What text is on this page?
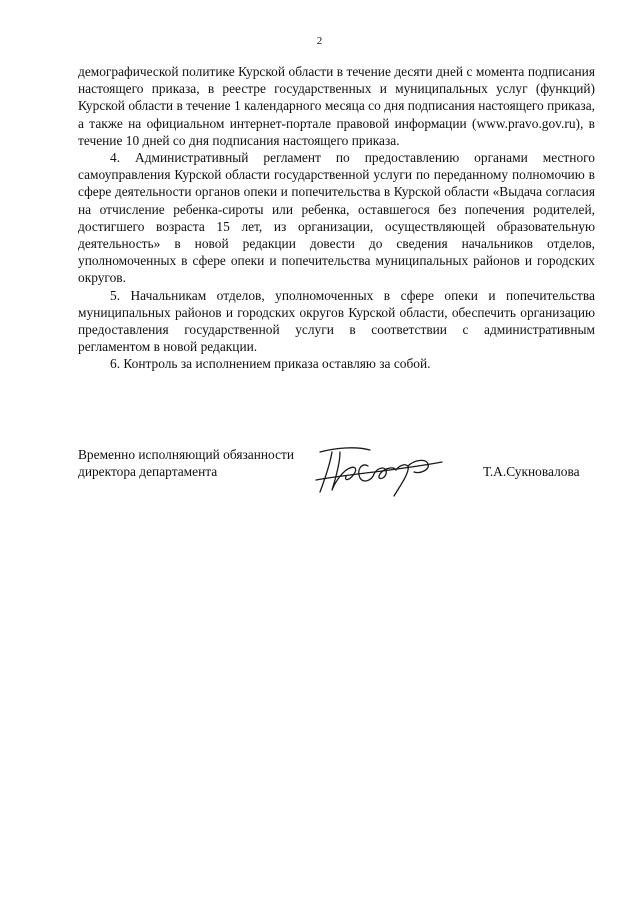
2

демографической политике Курской области в течение десяти дней с момента подписания настоящего приказа, в реестре государственных и муниципальных услуг (функций) Курской области в течение 1 календарного месяца со дня подписания настоящего приказа, а также на официальном интернет-портале правовой информации (www.pravo.gov.ru), в течение 10 дней со дня подписания настоящего приказа.

4. Административный регламент по предоставлению органами местного самоуправления Курской области государственной услуги по переданному полномочию в сфере деятельности органов опеки и попечительства в Курской области «Выдача согласия на отчисление ребенка-сироты или ребенка, оставшегося без попечения родителей, достигшего возраста 15 лет, из организации, осуществляющей образовательную деятельность» в новой редакции довести до сведения начальников отделов, уполномоченных в сфере опеки и попечительства муниципальных районов и городских округов.

5. Начальникам отделов, уполномоченных в сфере опеки и попечительства муниципальных районов и городских округов Курской области, обеспечить организацию предоставления государственной услуги в соответствии с административным регламентом в новой редакции.

6. Контроль за исполнением приказа оставляю за собой.

Временно исполняющий обязанности
директора департамента	Т.А.Сукновалова
